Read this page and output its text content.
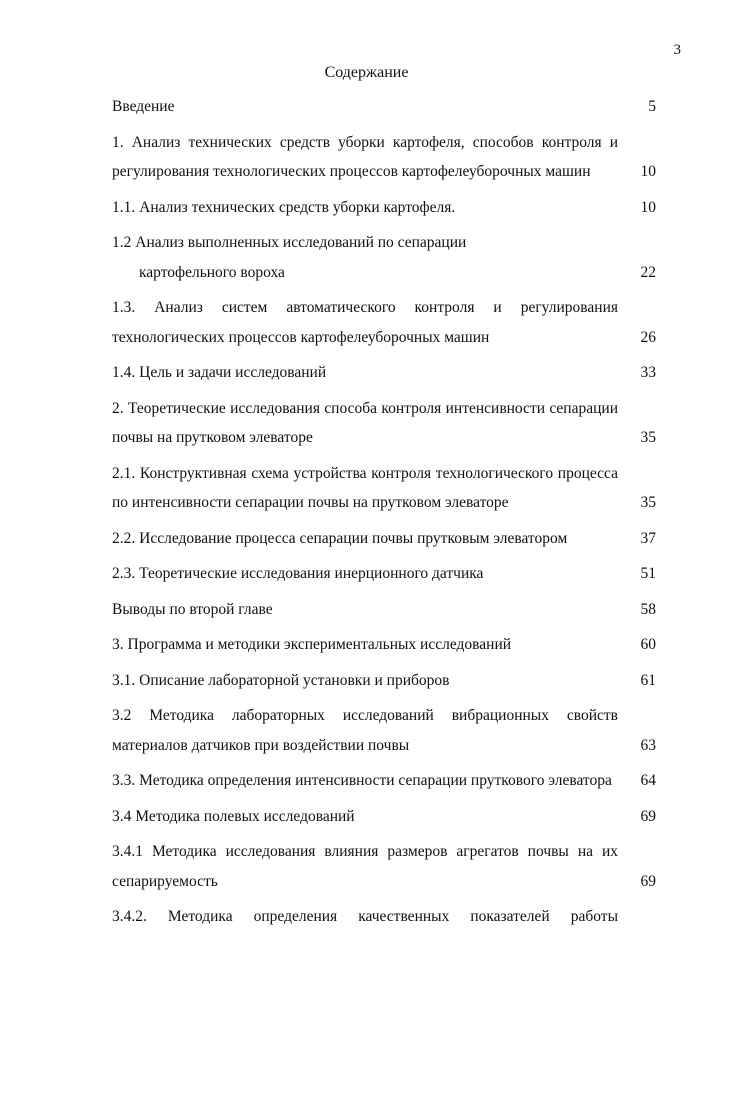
3
Содержание
Введение	5
1. Анализ технических средств уборки картофеля, способов контроля и регулирования технологических процессов картофелеуборочных машин	10
1.1. Анализ технических средств уборки картофеля.	10
1.2 Анализ выполненных исследований по сепарации
картофельного вороха	22
1.3. Анализ систем автоматического контроля и регулирования технологических процессов картофелеуборочных машин	26
1.4. Цель и задачи исследований	33
2. Теоретические исследования способа контроля интенсивности сепарации почвы на прутковом элеваторе	35
2.1. Конструктивная схема устройства контроля технологического процесса по интенсивности сепарации почвы на прутковом элеваторе	35
2.2. Исследование процесса сепарации почвы прутковым элеватором	37
2.3. Теоретические исследования инерционного датчика	51
Выводы по второй главе	58
3. Программа и методики экспериментальных исследований	60
3.1. Описание лабораторной установки и приборов	61
3.2 Методика лабораторных исследований вибрационных свойств материалов датчиков при воздействии почвы	63
3.3. Методика определения интенсивности сепарации пруткового элеватора	64
3.4 Методика полевых исследований	69
3.4.1 Методика исследования влияния размеров агрегатов почвы на их сепарируемость	69
3.4.2. Методика определения качественных показателей работы
